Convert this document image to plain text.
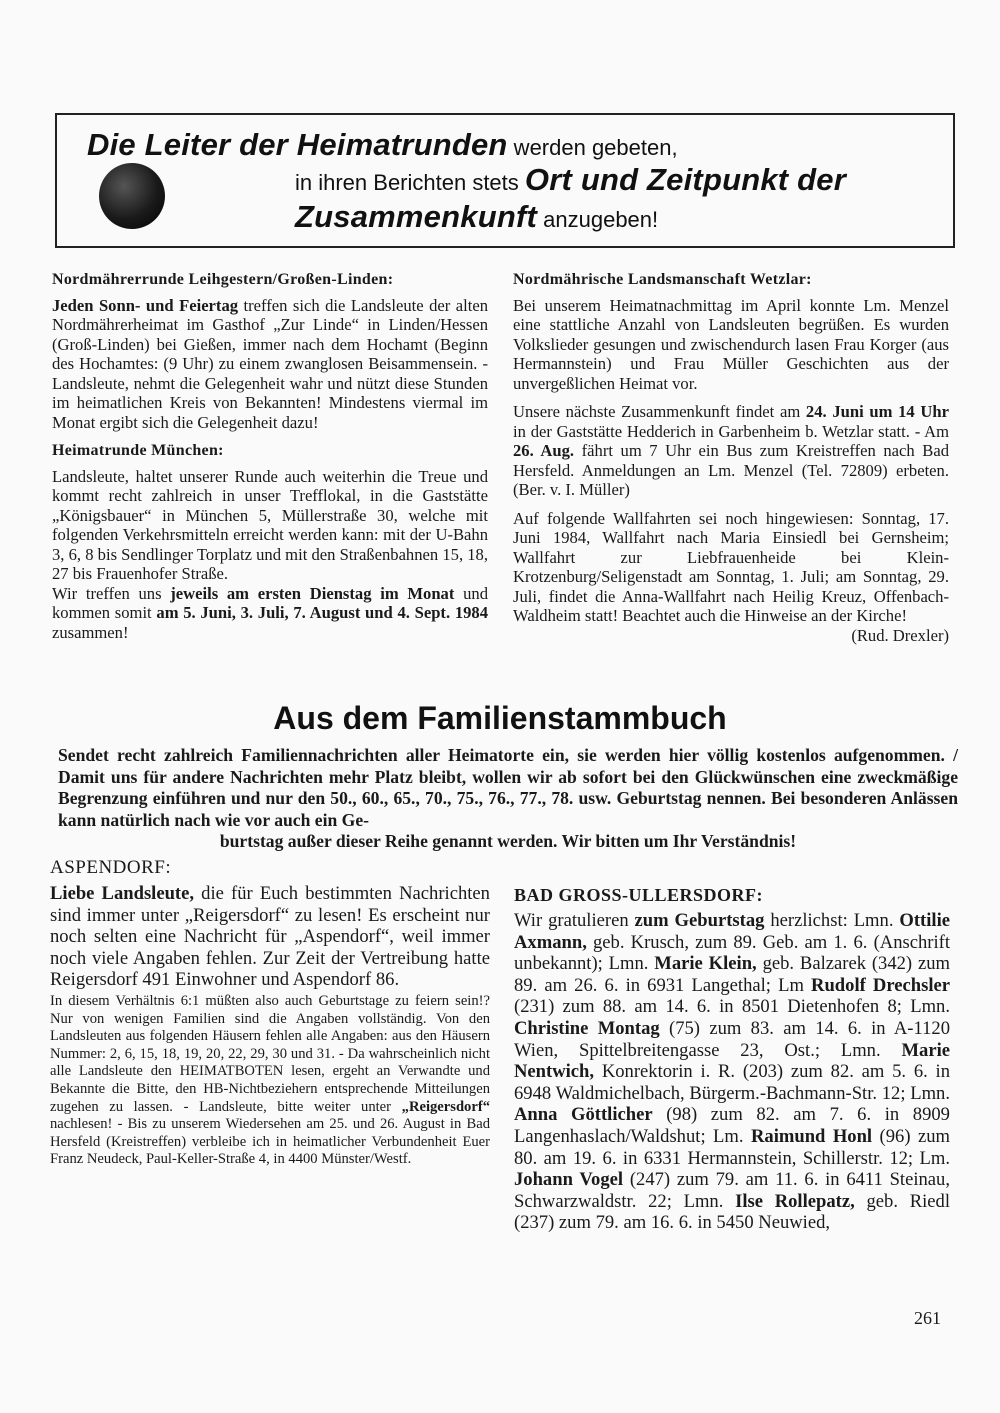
Die Leiter der Heimatrunden werden gebeten,
in ihren Berichten stets Ort und Zeitpunkt der
Zusammenkunft anzugeben!

Nordmährerrunde Leihgestern/Großen-Linden:

Jeden Sonn- und Feiertag treffen sich die Landsleute der alten Nordmährerheimat im Gasthof „Zur Linde“ in Linden/Hessen (Groß-Linden) bei Gießen, immer nach dem Hochamt (Beginn des Hochamtes: (9 Uhr) zu einem zwanglosen Beisammensein. - Landsleute, nehmt die Gelegenheit wahr und nützt diese Stunden im heimatlichen Kreis von Bekannten! Mindestens viermal im Monat ergibt sich die Gelegenheit dazu!

Heimatrunde München:

Landsleute, haltet unserer Runde auch weiterhin die Treue und kommt recht zahlreich in unser Trefflokal, in die Gaststätte „Königsbauer“ in München 5, Müllerstraße 30, welche mit folgenden Verkehrsmitteln erreicht werden kann: mit der U-Bahn 3, 6, 8 bis Sendlinger Torplatz und mit den Straßenbahnen 15, 18, 27 bis Frauenhofer Straße.

Wir treffen uns jeweils am ersten Dienstag im Monat und kommen somit am 5. Juni, 3. Juli, 7. August und 4. Sept. 1984 zusammen!

Nordmährische Landsmanschaft Wetzlar:

Bei unserem Heimatnachmittag im April konnte Lm. Menzel eine stattliche Anzahl von Landsleuten begrüßen. Es wurden Volkslieder gesungen und zwischendurch lasen Frau Korger (aus Hermannstein) und Frau Müller Geschichten aus der unvergeßlichen Heimat vor.

Unsere nächste Zusammenkunft findet am 24. Juni um 14 Uhr in der Gaststätte Hedderich in Garbenheim b. Wetzlar statt. - Am 26. Aug. fährt um 7 Uhr ein Bus zum Kreistreffen nach Bad Hersfeld. Anmeldungen an Lm. Menzel (Tel. 72809) erbeten. (Ber. v. I. Müller)

Auf folgende Wallfahrten sei noch hingewiesen: Sonntag, 17. Juni 1984, Wallfahrt nach Maria Einsiedl bei Gernsheim; Wallfahrt zur Liebfrauenheide bei Klein-Krotzenburg/Seligenstadt am Sonntag, 1. Juli; am Sonntag, 29. Juli, findet die Anna-Wallfahrt nach Heilig Kreuz, Offenbach-Waldheim statt! Beachtet auch die Hinweise an der Kirche!

(Rud. Drexler)

Aus dem Familienstammbuch
Sendet recht zahlreich Familiennachrichten aller Heimatorte ein, sie werden hier völlig kostenlos aufgenommen. / Damit uns für andere Nachrichten mehr Platz bleibt, wollen wir ab sofort bei den Glückwünschen eine zweckmäßige Begrenzung einführen und nur den 50., 60., 65., 70., 75., 76., 77., 78. usw. Geburtstag nennen. Bei besonderen Anlässen kann natürlich nach wie vor auch ein Ge-
burtstag außer dieser Reihe genannt werden. Wir bitten um Ihr Verständnis!

ASPENDORF:

Liebe Landsleute, die für Euch bestimmten Nachrichten sind immer unter „Reigersdorf“ zu lesen! Es erscheint nur noch selten eine Nachricht für „Aspendorf“, weil immer noch viele Angaben fehlen. Zur Zeit der Vertreibung hatte Reigersdorf 491 Einwohner und Aspendorf 86.

In diesem Verhältnis 6:1 müßten also auch Geburtstage zu feiern sein!? Nur von wenigen Familien sind die Angaben vollständig. Von den Landsleuten aus folgenden Häusern fehlen alle Angaben: aus den Häusern Nummer: 2, 6, 15, 18, 19, 20, 22, 29, 30 und 31. - Da wahrscheinlich nicht alle Landsleute den HEIMATBOTEN lesen, ergeht an Verwandte und Bekannte die Bitte, den HB-Nichtbeziehern entsprechende Mitteilungen zugehen zu lassen. - Landsleute, bitte weiter unter „Reigersdorf“ nachlesen! - Bis zu unserem Wiedersehen am 25. und 26. August in Bad Hersfeld (Kreistreffen) verbleibe ich in heimatlicher Verbundenheit Euer Franz Neudeck, Paul-Keller-Straße 4, in 4400 Münster/Westf.

BAD GROSS-ULLERSDORF:

Wir gratulieren zum Geburtstag herzlichst: Lmn. Ottilie Axmann, geb. Krusch, zum 89. Geb. am 1. 6. (Anschrift unbekannt); Lmn. Marie Klein, geb. Balzarek (342) zum 89. am 26. 6. in 6931 Langethal; Lm Rudolf Drechsler (231) zum 88. am 14. 6. in 8501 Dietenhofen 8; Lmn. Christine Montag (75) zum 83. am 14. 6. in A-1120 Wien, Spittelbreitengasse 23, Ost.; Lmn. Marie Nentwich, Konrektorin i. R. (203) zum 82. am 5. 6. in 6948 Waldmichelbach, Bürgerm.-Bachmann-Str. 12; Lmn. Anna Göttlicher (98) zum 82. am 7. 6. in 8909 Langenhaslach/Waldshut; Lm. Raimund Honl (96) zum 80. am 19. 6. in 6331 Hermannstein, Schillerstr. 12; Lm. Johann Vogel (247) zum 79. am 11. 6. in 6411 Steinau, Schwarzwaldstr. 22; Lmn. Ilse Rollepatz, geb. Riedl (237) zum 79. am 16. 6. in 5450 Neuwied,

261
